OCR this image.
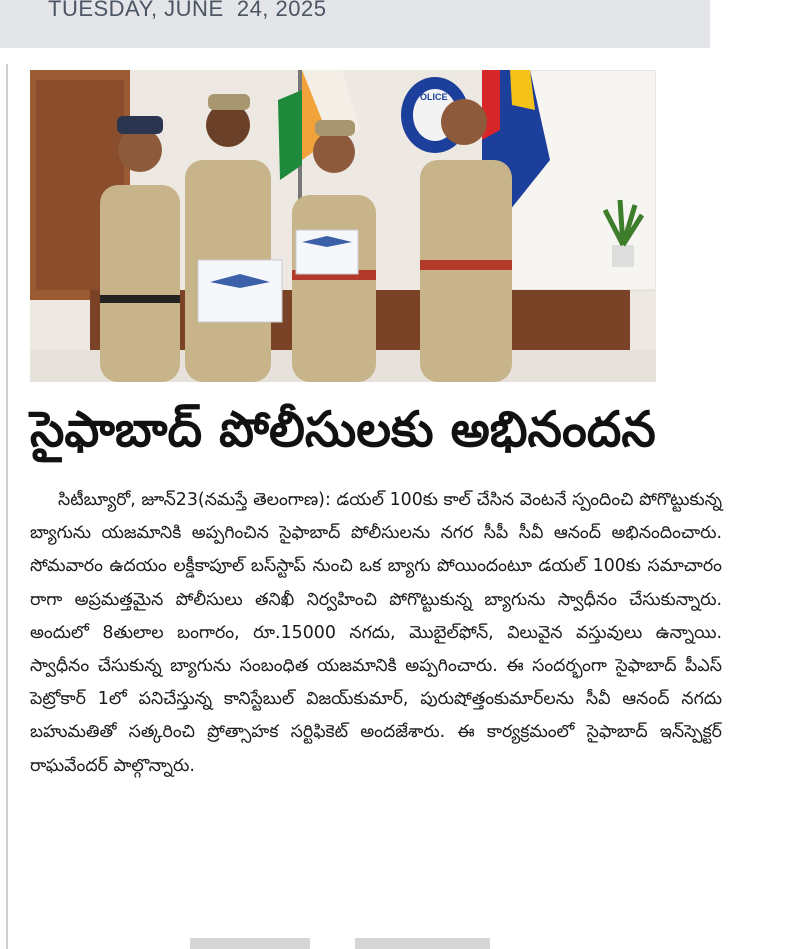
TUESDAY, JUNE  24, 2025
POLICE
సైఫాబాద్ పోలీసులకు అభినందన

సిటీబ్యూరో, జూన్23(నమస్తే తెలంగాణ): డయల్ 100కు కాల్ చేసిన వెంటనే స్పందించి పోగొట్టుకున్న బ్యాగును యజమానికి అప్పగించిన సైఫాబాద్ పోలీసులను నగర సీపీ సీవీ ఆనంద్ అభినందించారు. సోమవారం ఉదయం లక్డీకాపూల్ బస్‌స్టాప్ నుంచి ఒక బ్యాగు పోయిందంటూ డయల్ 100కు సమాచారం రాగా అప్రమత్తమైన పోలీసులు తనిఖీ నిర్వహించి పోగొట్టుకున్న బ్యాగును స్వాధీనం చేసుకున్నారు. అందులో 8తులాల బంగారం, రూ.15000 నగదు, మొబైల్‌ఫోన్, విలువైన వస్తువులు ఉన్నాయి. స్వాధీనం చేసుకున్న బ్యాగును సంబంధిత యజమానికి అప్పగించారు. ఈ సందర్భంగా సైఫాబాద్ పీఎస్ పెట్రోకార్ 1లో పనిచేస్తున్న కానిస్టేబుల్ విజయ్‌కుమార్, పురుషోత్తంకుమార్‌లను సీవీ ఆనంద్ నగదు బహుమతితో సత్కరించి ప్రోత్సాహక సర్టిఫికెట్ అందజేశారు. ఈ కార్యక్రమంలో సైఫాబాద్ ఇన్‌స్పెక్టర్ రాఘవేందర్ పాల్గొన్నారు.
